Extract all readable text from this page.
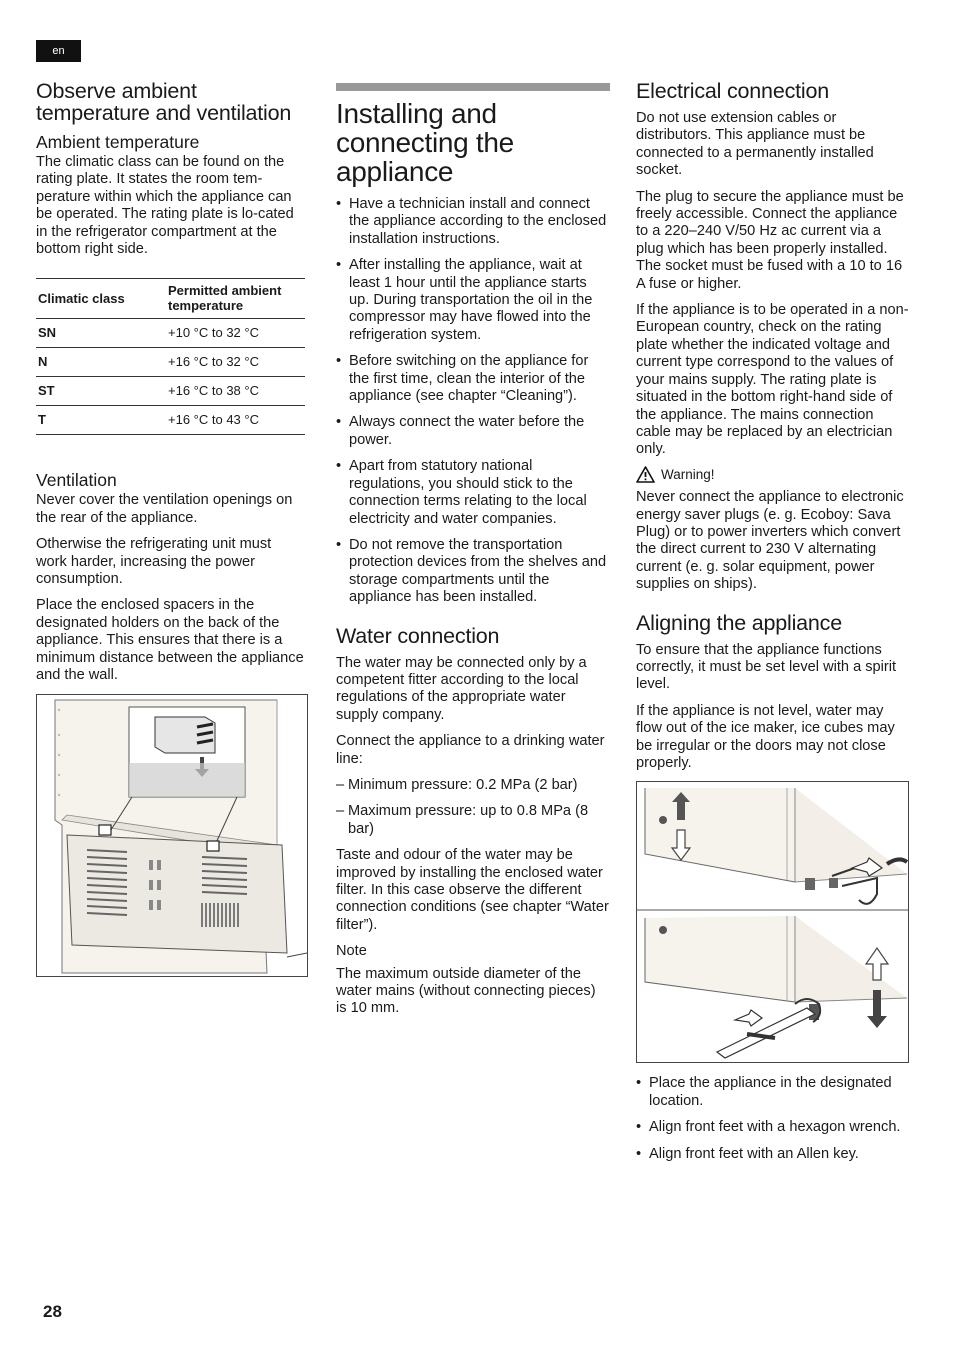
en
Observe ambient temperature and ventilation
Ambient temperature

The climatic class can be found on the rating plate. It states the room tem-perature within which the appliance can be operated. The rating plate is lo-cated in the refrigerator compartment at the bottom right side.

Climatic class	Permitted ambient temperature
SN	+10 °C to 32 °C
N	+16 °C to 32 °C
ST	+16 °C to 38 °C
T	+16 °C to 43 °C
Ventilation

Never cover the ventilation openings on the rear of the appliance.

Otherwise the refrigerating unit must work harder, increasing the power consumption.

Place the enclosed spacers in the designated holders on the back of the appliance. This ensures that there is a minimum distance between the appliance and the wall.

Installing and connecting the appliance
• Have a technician install and connect the appliance according to the enclosed installation instructions.
• After installing the appliance, wait at least 1 hour until the appliance starts up. During transportation the oil in the compressor may have flowed into the refrigeration system.
• Before switching on the appliance for the first time, clean the interior of the appliance (see chapter “Cleaning”).
• Always connect the water before the power.
• Apart from statutory national regulations, you should stick to the connection terms relating to the local electricity and water companies.
• Do not remove the transportation protection devices from the shelves and storage compartments until the appliance has been installed.
Water connection

The water may be connected only by a competent fitter according to the local regulations of the appropriate water supply company.

Connect the appliance to a drinking water line:

– Minimum pressure: 0.2 MPa (2 bar)
– Maximum pressure: up to 0.8 MPa (8 bar)

Taste and odour of the water may be improved by installing the enclosed water filter. In this case observe the different connection conditions (see chapter “Water filter”).

Note

The maximum outside diameter of the water mains (without connecting pieces) is 10 mm.

Electrical connection

Do not use extension cables or distributors. This appliance must be connected to a permanently installed socket.

The plug to secure the appliance must be freely accessible. Connect the appliance to a 220–240 V/50 Hz ac current via a plug which has been properly installed. The socket must be fused with a 10 to 16 A fuse or higher.

If the appliance is to be operated in a non-European country, check on the rating plate whether the indicated voltage and current type correspond to the values of your mains supply. The rating plate is situated in the bottom right-hand side of the appliance. The mains connection cable may be replaced by an electrician only.

Warning!

Never connect the appliance to electronic energy saver plugs (e. g. Ecoboy: Sava Plug) or to power inverters which convert the direct current to 230 V alternating current (e. g. solar equipment, power supplies on ships).

Aligning the appliance

To ensure that the appliance functions correctly, it must be set level with a spirit level.

If the appliance is not level, water may flow out of the ice maker, ice cubes may be irregular or the doors may not close properly.

• Place the appliance in the designated location.
• Align front feet with a hexagon wrench.
• Align front feet with an Allen key.
28
